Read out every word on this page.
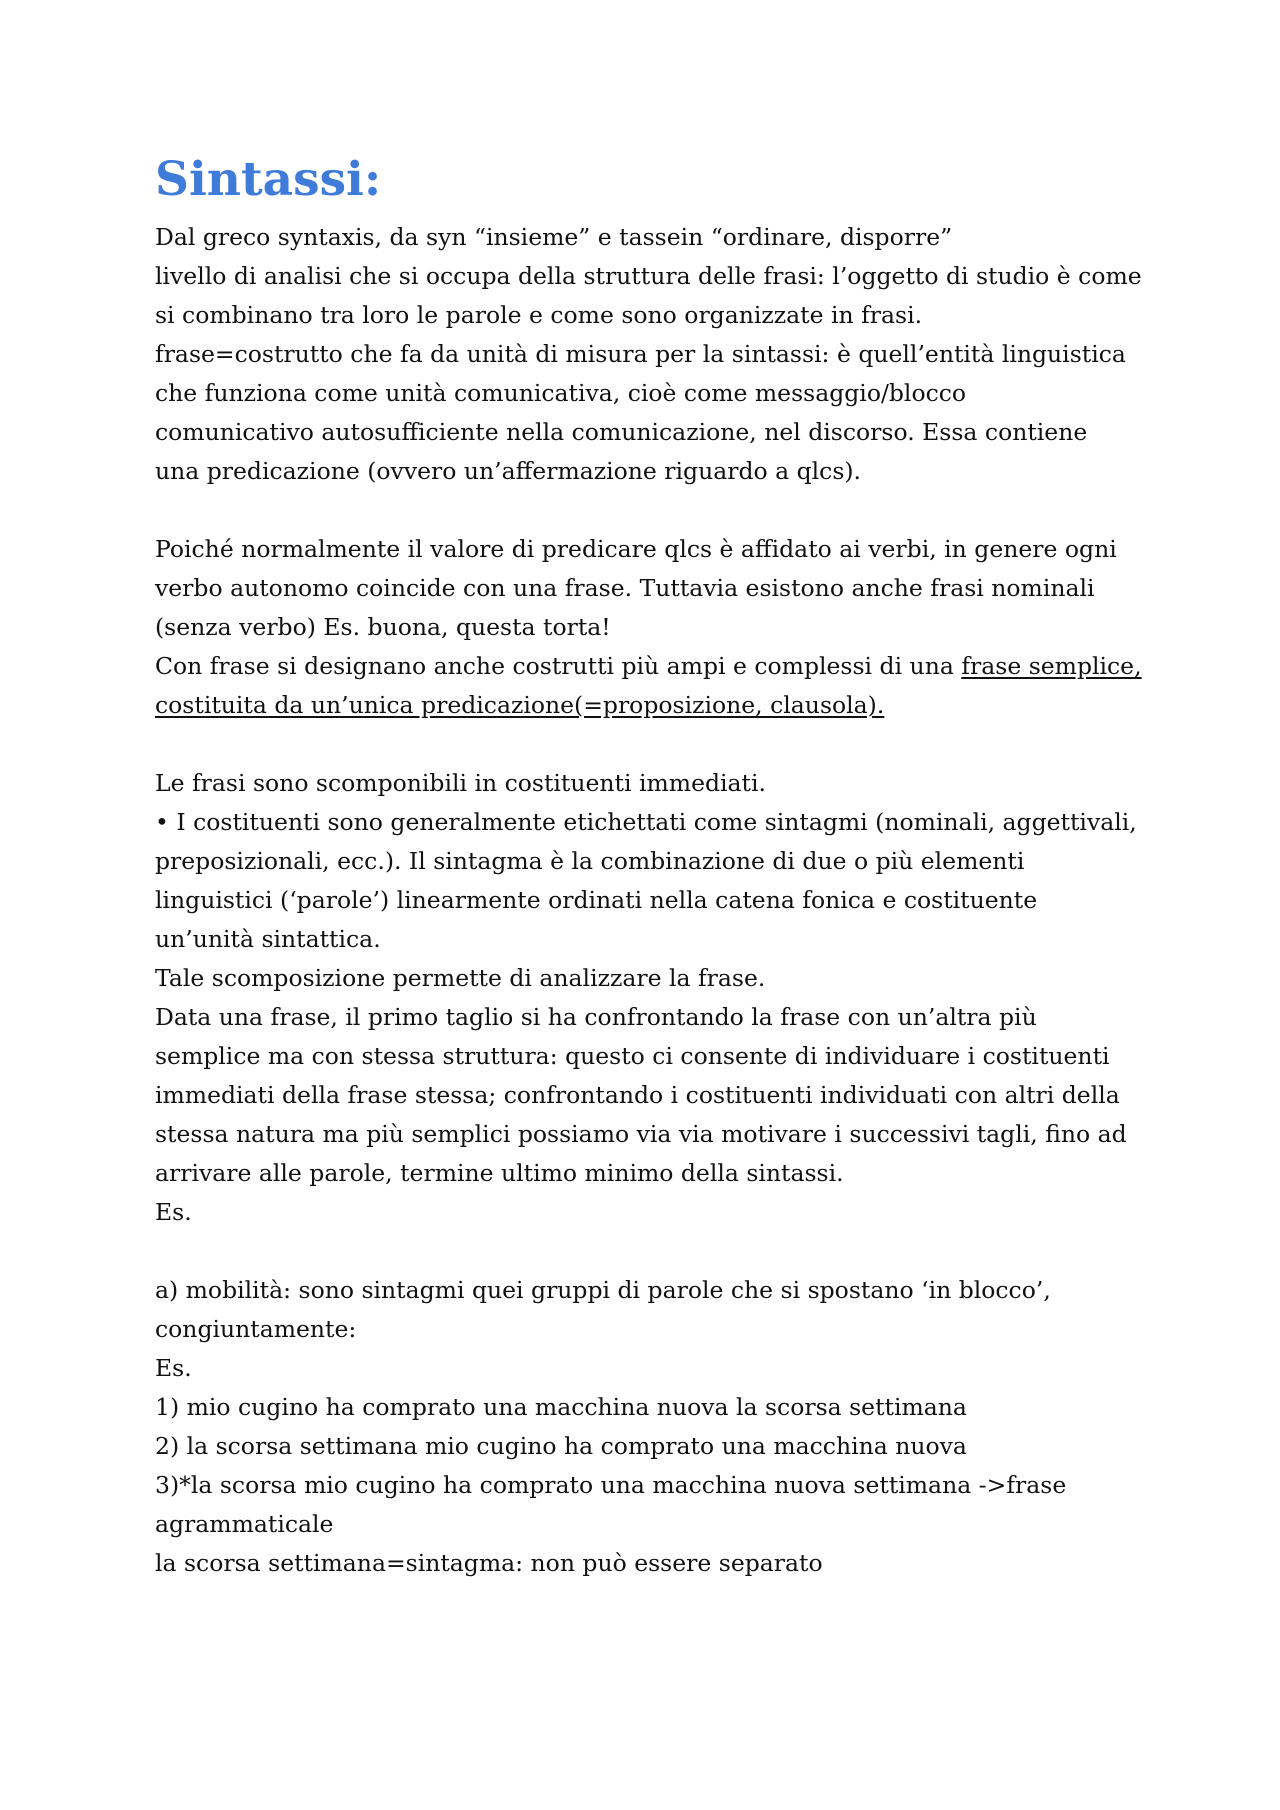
Sintassi:
Dal greco syntaxis, da syn “insieme” e tassein “ordinare, disporre”
livello di analisi che si occupa della struttura delle frasi: l’oggetto di studio è come
si combinano tra loro le parole e come sono organizzate in frasi.
frase=costrutto che fa da unità di misura per la sintassi: è quell’entità linguistica
che funziona come unità comunicativa, cioè come messaggio/blocco
comunicativo autosufficiente nella comunicazione, nel discorso. Essa contiene
una predicazione (ovvero un’affermazione riguardo a qlcs).
Poiché normalmente il valore di predicare qlcs è affidato ai verbi, in genere ogni
verbo autonomo coincide con una frase. Tuttavia esistono anche frasi nominali
(senza verbo) Es. buona, questa torta!
Con frase si designano anche costrutti più ampi e complessi di una frase semplice,
costituita da un’unica predicazione(=proposizione, clausola).
Le frasi sono scomponibili in costituenti immediati.
• I costituenti sono generalmente etichettati come sintagmi (nominali, aggettivali,
preposizionali, ecc.). Il sintagma è la combinazione di due o più elementi
linguistici (‘parole’) linearmente ordinati nella catena fonica e costituente
un’unità sintattica.
Tale scomposizione permette di analizzare la frase.
Data una frase, il primo taglio si ha confrontando la frase con un’altra più
semplice ma con stessa struttura: questo ci consente di individuare i costituenti
immediati della frase stessa; confrontando i costituenti individuati con altri della
stessa natura ma più semplici possiamo via via motivare i successivi tagli, fino ad
arrivare alle parole, termine ultimo minimo della sintassi.
Es.
a) mobilità: sono sintagmi quei gruppi di parole che si spostano ‘in blocco’,
congiuntamente:
Es.
1) mio cugino ha comprato una macchina nuova la scorsa settimana
2) la scorsa settimana mio cugino ha comprato una macchina nuova
3)*la scorsa mio cugino ha comprato una macchina nuova settimana ->frase
agrammaticale
la scorsa settimana=sintagma: non può essere separato
